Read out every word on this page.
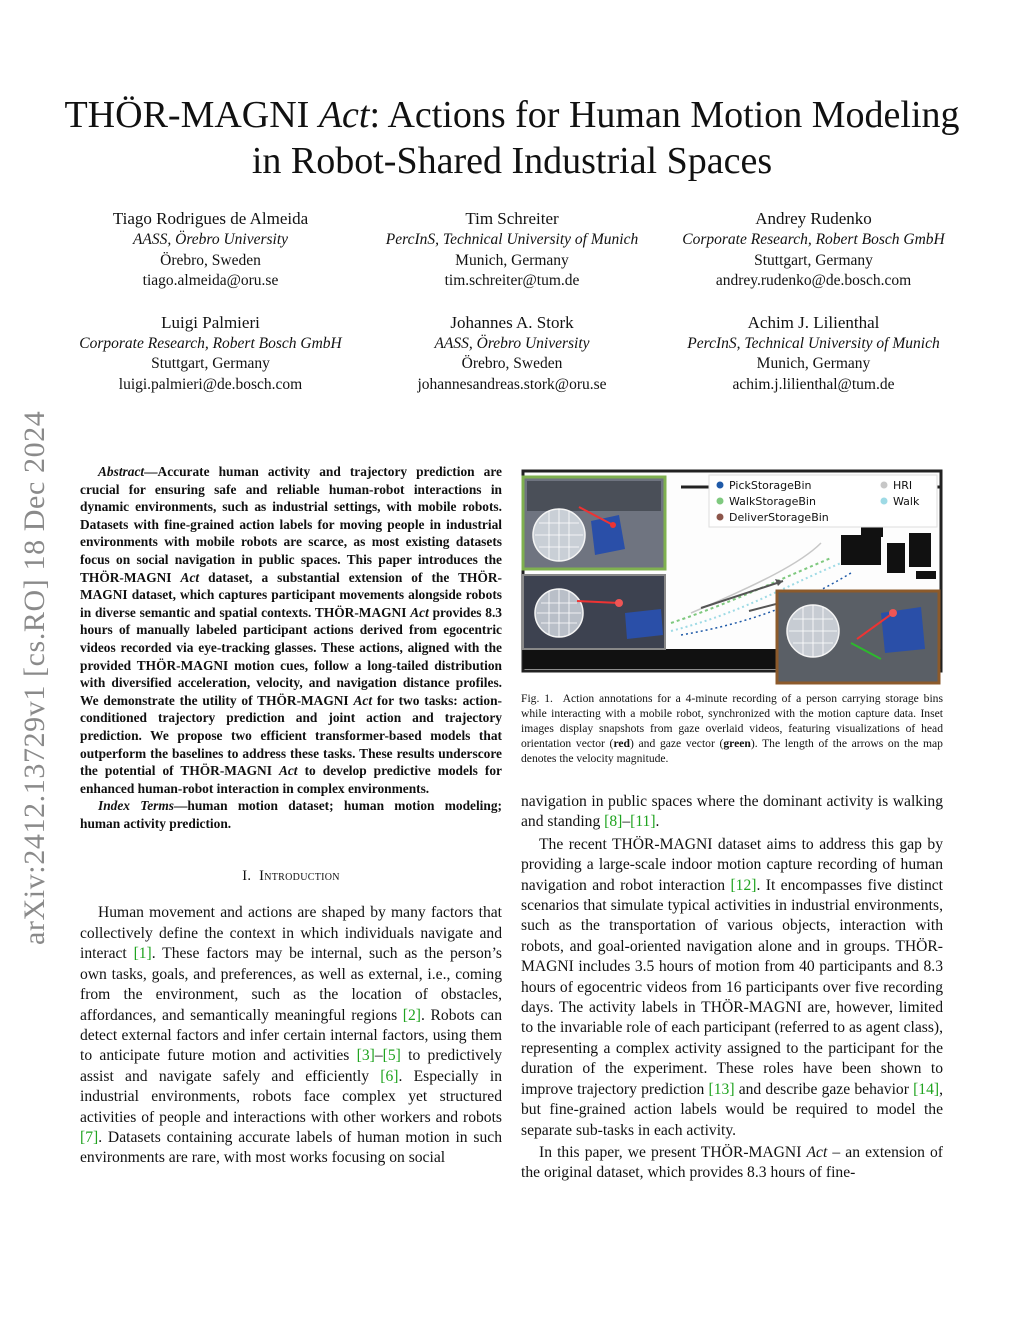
arXiv:2412.13729v1 [cs.RO] 18 Dec 2024
THÖR-MAGNI Act: Actions for Human Motion Modeling in Robot-Shared Industrial Spaces
Tiago Rodrigues de Almeida
AASS, Örebro University
Örebro, Sweden
tiago.almeida@oru.se
Tim Schreiter
PercInS, Technical University of Munich
Munich, Germany
tim.schreiter@tum.de
Andrey Rudenko
Corporate Research, Robert Bosch GmbH
Stuttgart, Germany
andrey.rudenko@de.bosch.com
Luigi Palmieri
Corporate Research, Robert Bosch GmbH
Stuttgart, Germany
luigi.palmieri@de.bosch.com
Johannes A. Stork
AASS, Örebro University
Örebro, Sweden
johannesandreas.stork@oru.se
Achim J. Lilienthal
PercInS, Technical University of Munich
Munich, Germany
achim.j.lilienthal@tum.de

Abstract—Accurate human activity and trajectory prediction are crucial for ensuring safe and reliable human-robot interactions in dynamic environments, such as industrial settings, with mobile robots. Datasets with fine-grained action labels for moving people in industrial environments with mobile robots are scarce, as most existing datasets focus on social navigation in public spaces. This paper introduces the THÖR-MAGNI Act dataset, a substantial extension of the THÖR-MAGNI dataset, which captures participant movements alongside robots in diverse semantic and spatial contexts. THÖR-MAGNI Act provides 8.3 hours of manually labeled participant actions derived from egocentric videos recorded via eye-tracking glasses. These actions, aligned with the provided THÖR-MAGNI motion cues, follow a long-tailed distribution with diversified acceleration, velocity, and navigation distance profiles. We demonstrate the utility of THÖR-MAGNI Act for two tasks: action-conditioned trajectory prediction and joint action and trajectory prediction. We propose two efficient transformer-based models that outperform the baselines to address these tasks. These results underscore the potential of THÖR-MAGNI Act to develop predictive models for enhanced human-robot interaction in complex environments.

Index Terms—human motion dataset; human motion modeling; human activity prediction.

I. Introduction

Human movement and actions are shaped by many factors that collectively define the context in which individuals navigate and interact [1]. These factors may be internal, such as the person’s own tasks, goals, and preferences, as well as external, i.e., coming from the environment, such as the location of obstacles, affordances, and semantically meaningful regions [2]. Robots can detect external factors and infer certain internal factors, using them to anticipate future motion and activities [3]–[5] to predictively assist and navigate safely and efficiently [6]. Especially in industrial environments, robots face complex yet structured activities of people and interactions with other workers and robots [7]. Datasets containing accurate labels of human motion in such environments are rare, with most works focusing on social

PickStorageBin
WalkStorageBin
DeliverStorageBin
HRI
Walk

Fig. 1. Action annotations for a 4-minute recording of a person carrying storage bins while interacting with a mobile robot, synchronized with the motion capture data. Inset images display snapshots from gaze overlaid videos, featuring visualizations of head orientation vector (red) and gaze vector (green). The length of the arrows on the map denotes the velocity magnitude.

navigation in public spaces where the dominant activity is walking and standing [8]–[11].

The recent THÖR-MAGNI dataset aims to address this gap by providing a large-scale indoor motion capture recording of human navigation and robot interaction [12]. It encompasses five distinct scenarios that simulate typical activities in industrial environments, such as the transportation of various objects, interaction with robots, and goal-oriented navigation alone and in groups. THÖR-MAGNI includes 3.5 hours of motion from 40 participants and 8.3 hours of egocentric videos from 16 participants over five recording days. The activity labels in THÖR-MAGNI are, however, limited to the invariable role of each participant (referred to as agent class), representing a complex activity assigned to the participant for the duration of the experiment. These roles have been shown to improve trajectory prediction [13] and describe gaze behavior [14], but fine-grained action labels would be required to model the separate sub-tasks in each activity.

In this paper, we present THÖR-MAGNI Act – an extension of the original dataset, which provides 8.3 hours of fine-
